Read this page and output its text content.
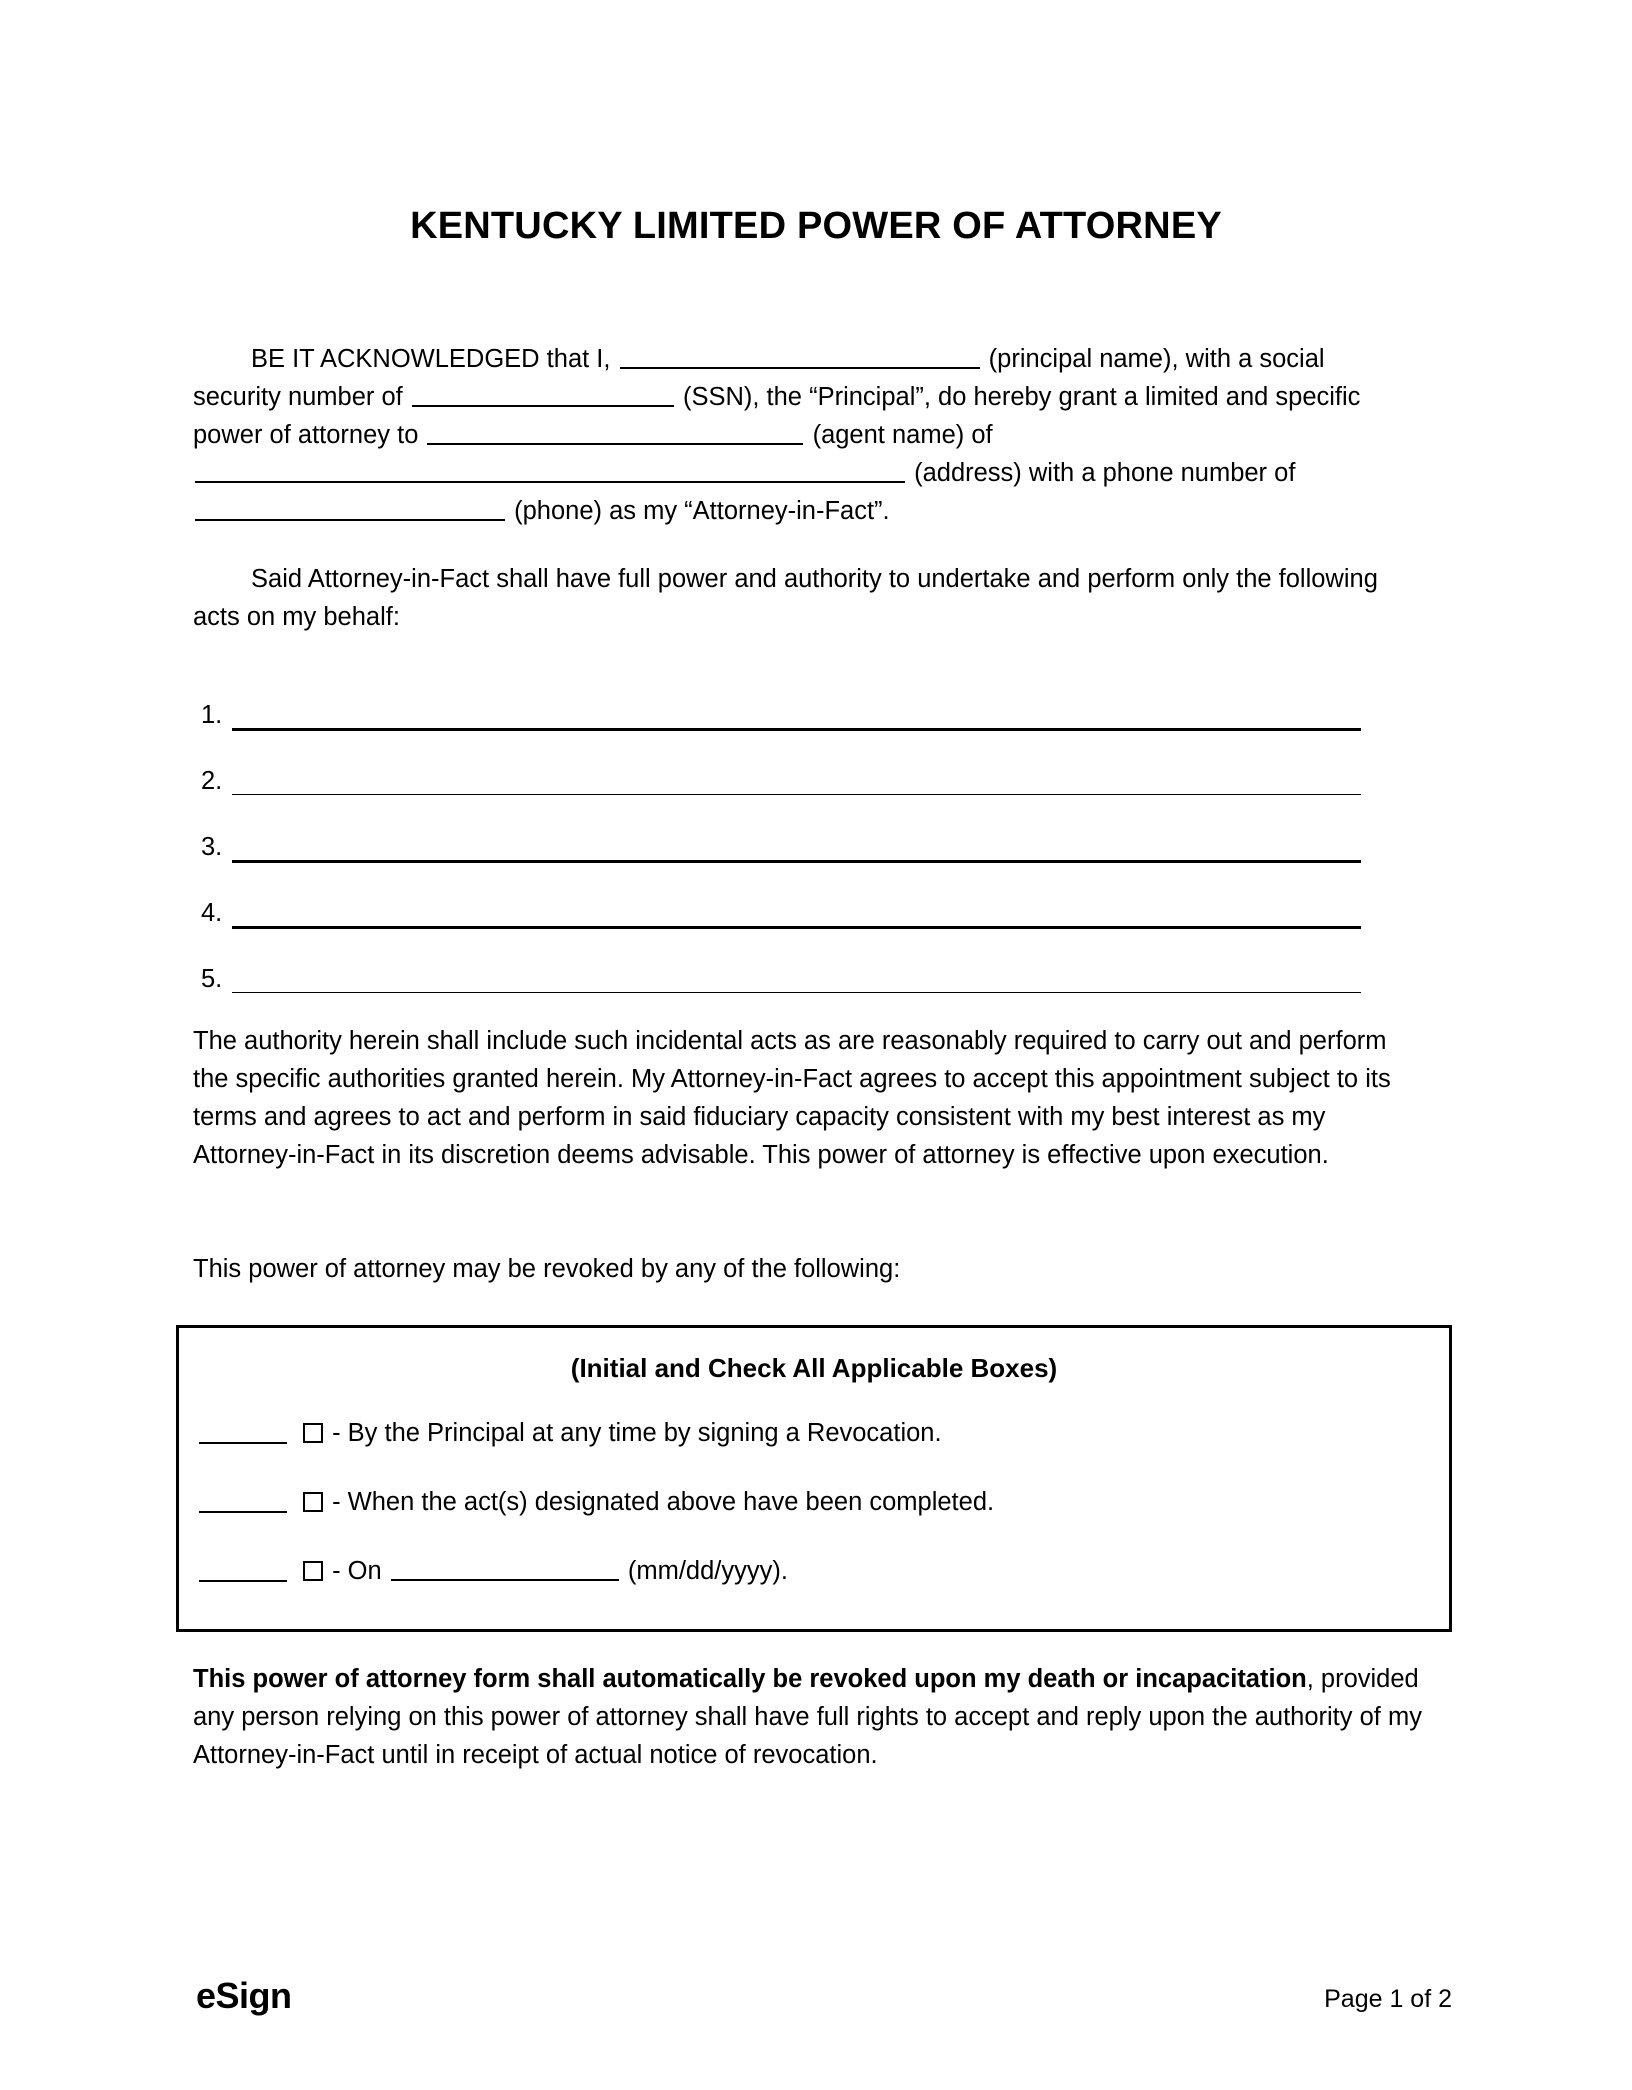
KENTUCKY LIMITED POWER OF ATTORNEY

BE IT ACKNOWLEDGED that I,	(principal name), with a social security number of	(SSN), the “Principal”, do hereby grant a limited and specific power of attorney to	(agent name) of  (address) with a phone number of  (phone) as my “Attorney-in-Fact”.

Said Attorney-in-Fact shall have full power and authority to undertake and perform only the following acts on my behalf:

1.
2.
3.
4.
5.

The authority herein shall include such incidental acts as are reasonably required to carry out and perform the specific authorities granted herein. My Attorney-in-Fact agrees to accept this appointment subject to its terms and agrees to act and perform in said fiduciary capacity consistent with my best interest as my Attorney-in-Fact in its discretion deems advisable. This power of attorney is effective upon execution.

This power of attorney may be revoked by any of the following:
(Initial and Check All Applicable Boxes)
- By the Principal at any time by signing a Revocation.
- When the act(s) designated above have been completed.
- On	(mm/dd/yyyy).
This power of attorney form shall automatically be revoked upon my death or incapacitation, provided any person relying on this power of attorney shall have full rights to accept and reply upon the authority of my Attorney-in-Fact until in receipt of actual notice of revocation.
eSign	Page 1 of 2
